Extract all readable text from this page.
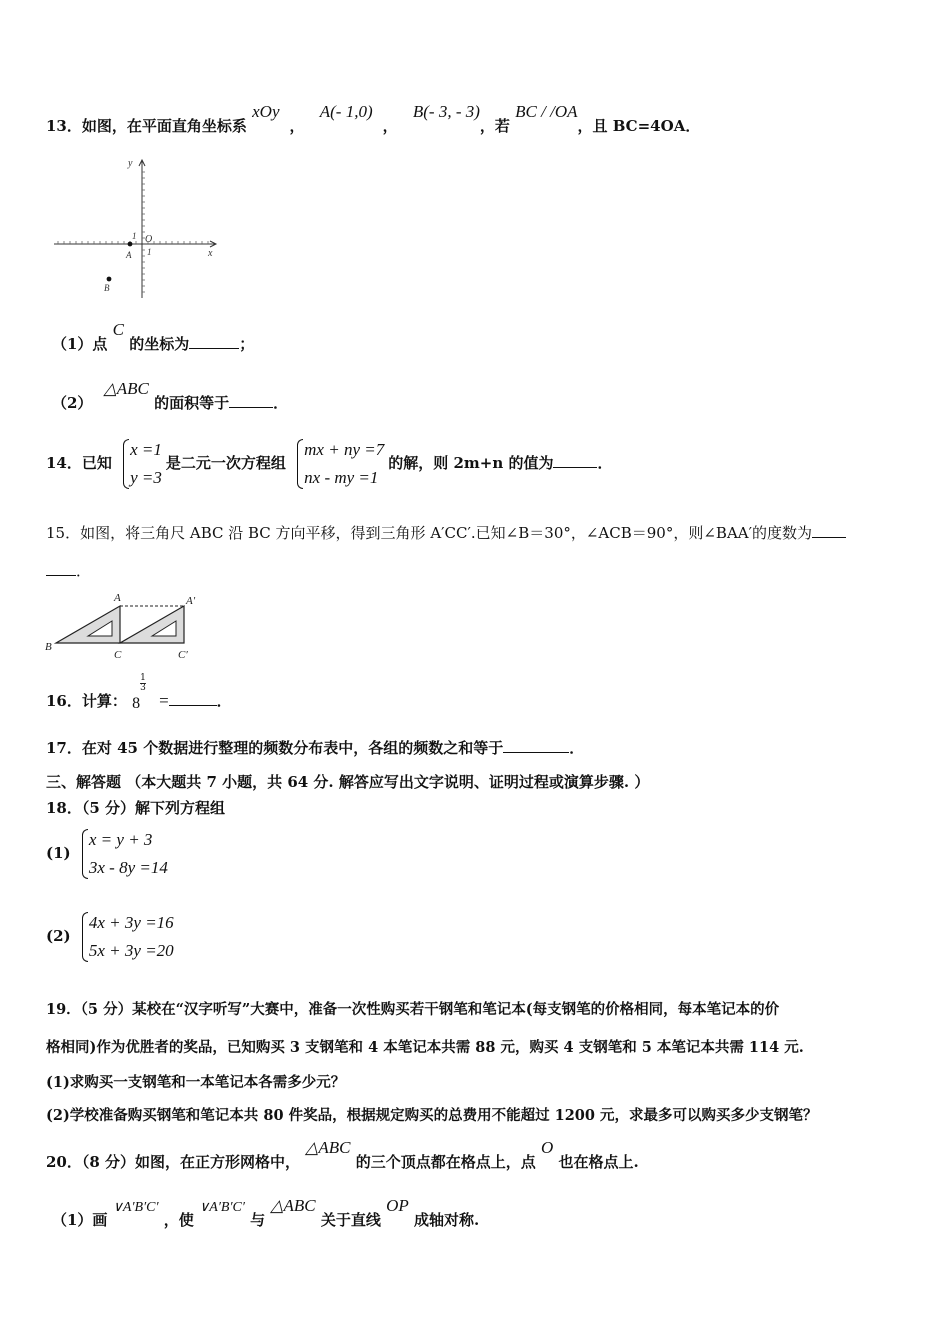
13．如图，在平面直角坐标系 xOy， A(- 1,0)， B(- 3, - 3)，若 BC / /OA，且 BC=4OA．
y
x
O
1
1
A
B
（1）点 C 的坐标为	；
（2） △ABC 的面积等于	．
14．已知
x =1
y =3
是二元一次方程组
mx + ny =7
nx - my =1
的解，则 2m+n 的值为	．
15．如图，将三角尺 ABC 沿 BC 方向平移，得到三角形 A′CC′.已知∠B＝30°，∠ACB＝90°，则∠BAA′的度数为
．
A	A′
B
C	C′
16．计算： 8
$\frac{1}{3}$
=	．
17．在对 45 个数据进行整理的频数分布表中，各组的频数之和等于	．
三、解答题 （本大题共 7 小题，共 64 分. 解答应写出文字说明、证明过程或演算步骤. ）
18．（5 分）解下列方程组
(1)
x = y + 3
3x - 8y =14
(2)
4x + 3y =16
5x + 3y =20
19．（5 分）某校在“汉字听写”大赛中，准备一次性购买若干钢笔和笔记本(每支钢笔的价格相同，每本笔记本的价
格相同)作为优胜者的奖品，已知购买 3 支钢笔和 4 本笔记本共需 88 元，购买 4 支钢笔和 5 本笔记本共需 114 元.
(1)求购买一支钢笔和一本笔记本各需多少元？
(2)学校准备购买钢笔和笔记本共 80 件奖品，根据规定购买的总费用不能超过 1200 元，求最多可以购买多少支钢笔？
20．（8 分）如图，在正方形网格中， △ABC 的三个顶点都在格点上，点 O 也在格点上.
（1）画 ∨A′B′C′ ，使 ∨A′B′C′ 与 △ABC 关于直线 OP 成轴对称.
